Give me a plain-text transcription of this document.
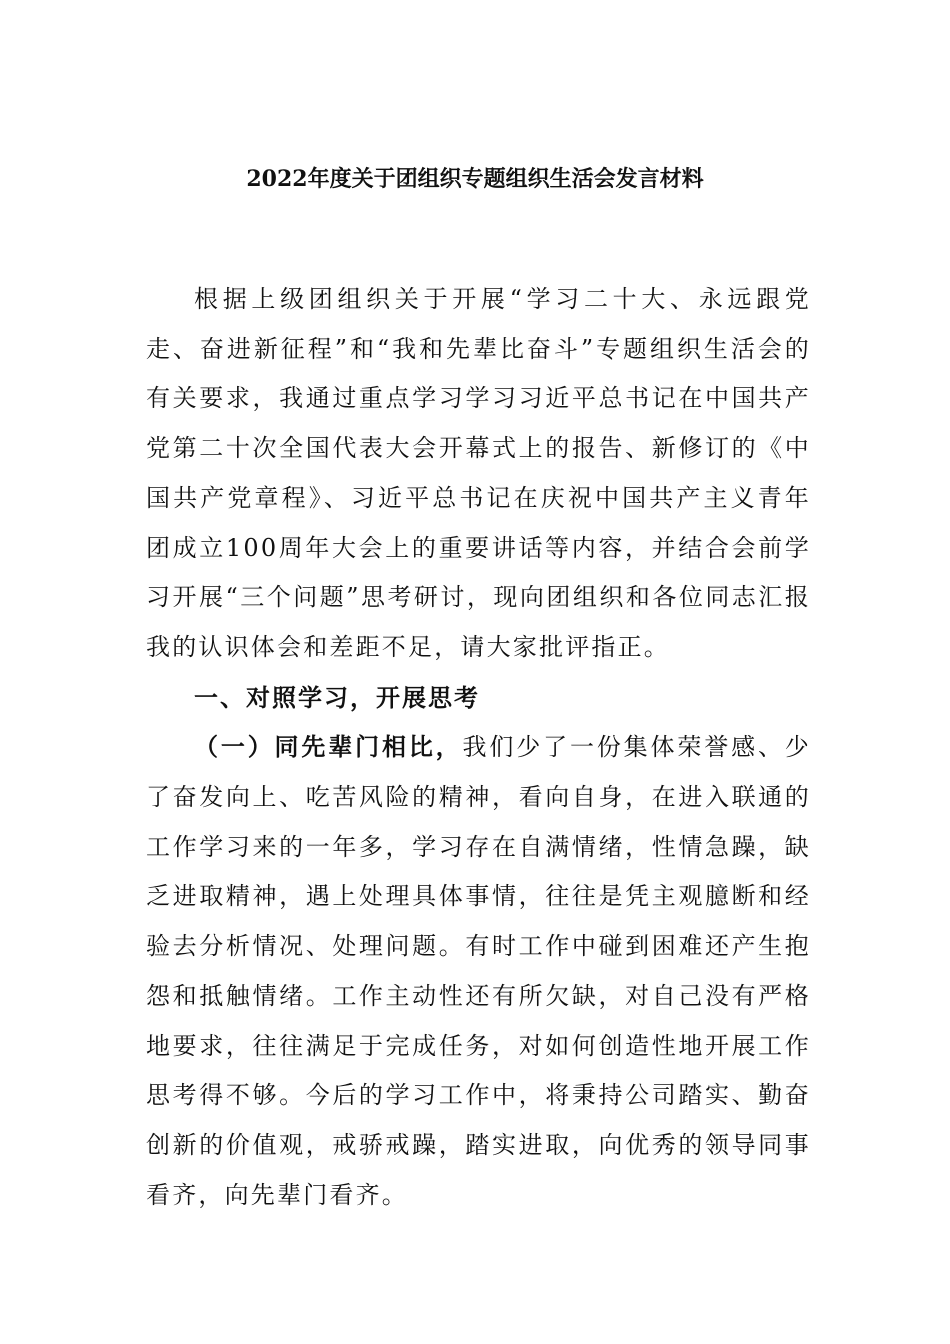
2022年度关于团组织专题组织生活会发言材料

根据上级团组织关于开展“学习二十大、永远跟党走、奋进新征程”和“我和先辈比奋斗”专题组织生活会的有关要求，我通过重点学习学习习近平总书记在中国共产党第二十次全国代表大会开幕式上的报告、新修订的《中国共产党章程》、习近平总书记在庆祝中国共产主义青年团成立100周年大会上的重要讲话等内容，并结合会前学习开展“三个问题”思考研讨，现向团组织和各位同志汇报我的认识体会和差距不足，请大家批评指正。

一、对照学习，开展思考

（一）同先辈门相比，我们少了一份集体荣誉感、少了奋发向上、吃苦风险的精神，看向自身，在进入联通的工作学习来的一年多，学习存在自满情绪，性情急躁，缺乏进取精神，遇上处理具体事情，往往是凭主观臆断和经验去分析情况、处理问题。有时工作中碰到困难还产生抱怨和抵触情绪。工作主动性还有所欠缺，对自己没有严格地要求，往往满足于完成任务，对如何创造性地开展工作思考得不够。今后的学习工作中，将秉持公司踏实、勤奋创新的价值观，戒骄戒躁，踏实进取，向优秀的领导同事看齐，向先辈门看齐。
